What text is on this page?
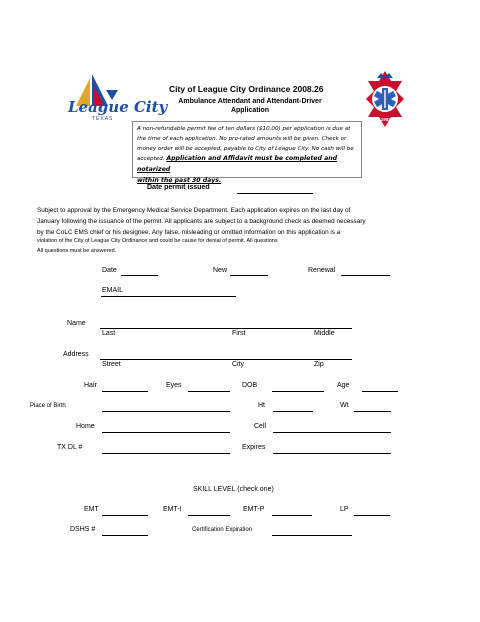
League City
TEXAS	EST. 1982
City of League City Ordinance 2008.26
Ambulance Attendant and Attendant-Driver
Application
A non-refundable permit fee of ten dollars ($10.00) per application is due at
the time of each application. No pro-rated amounts will be given. Check or
money order will be accepted, payable to City of League City. No cash will be
accepted. Application and Affidavit must be completed and notarized
within the past 30 days.
Date permit issued
Subject to approval by the Emergency Medical Service Department. Each application expires on the last day of
January following the issuance of the permit. All applicants are subject to a background check as deemed necessary
by the CoLC EMS chief or his designee. Any false, misleading or omitted information on this application is a
violation of the City of League City Ordinance and could be cause for denial of permit. All questions
All questions must be answered.
Date	New	Renewal
EMAIL
Name
Last	First	Middle
Address
Street	City	Zip
Hair	Eyes	DOB	Age
Place of Birth	Ht	Wt
Home	Cell
TX DL #	Expires
SKILL LEVEL (check one)
EMT	EMT-I	EMT-P	LP
DSHS #	Certification Expiration
